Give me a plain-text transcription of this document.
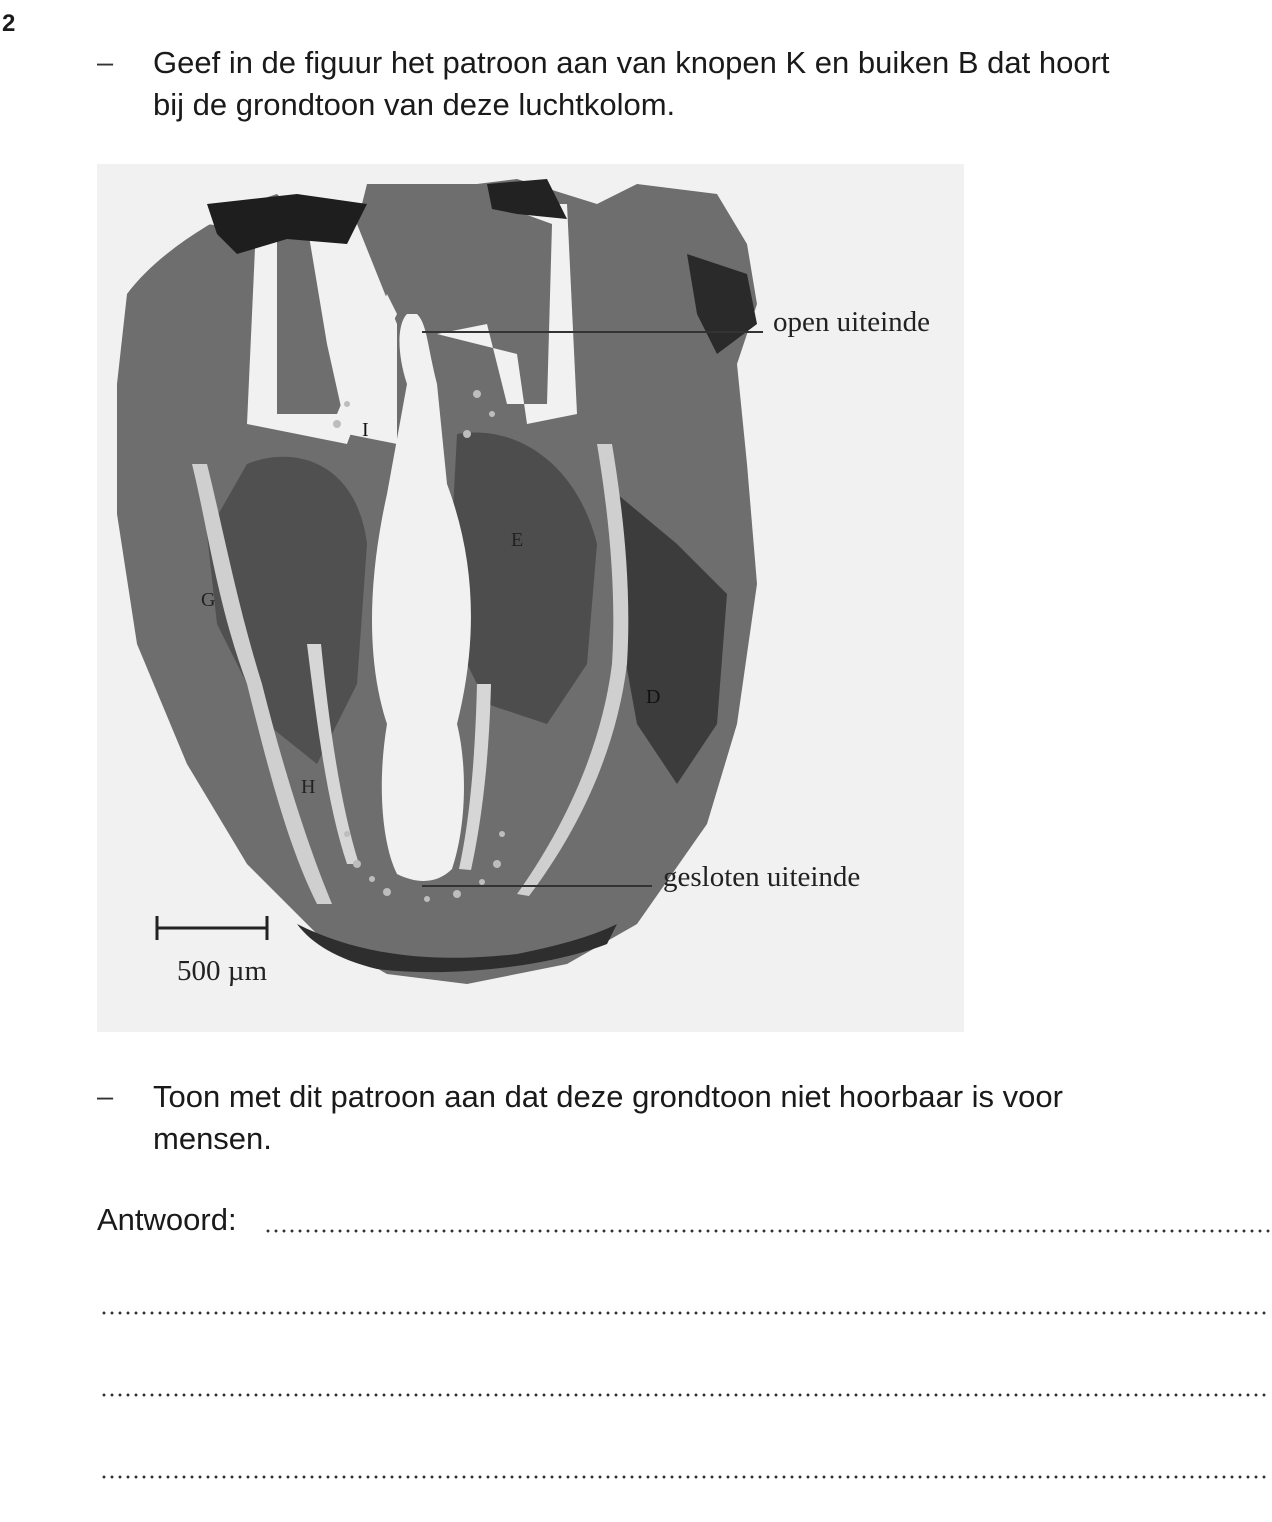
2
– Geef in de figuur het patroon aan van knopen K en buiken B dat hoort
bij de grondtoon van deze luchtkolom.
open uiteinde
gesloten uiteinde
500 µm
I
E
G
D
H
– Toon met dit patroon aan dat deze grondtoon niet hoorbaar is voor
mensen.
Antwoord:
